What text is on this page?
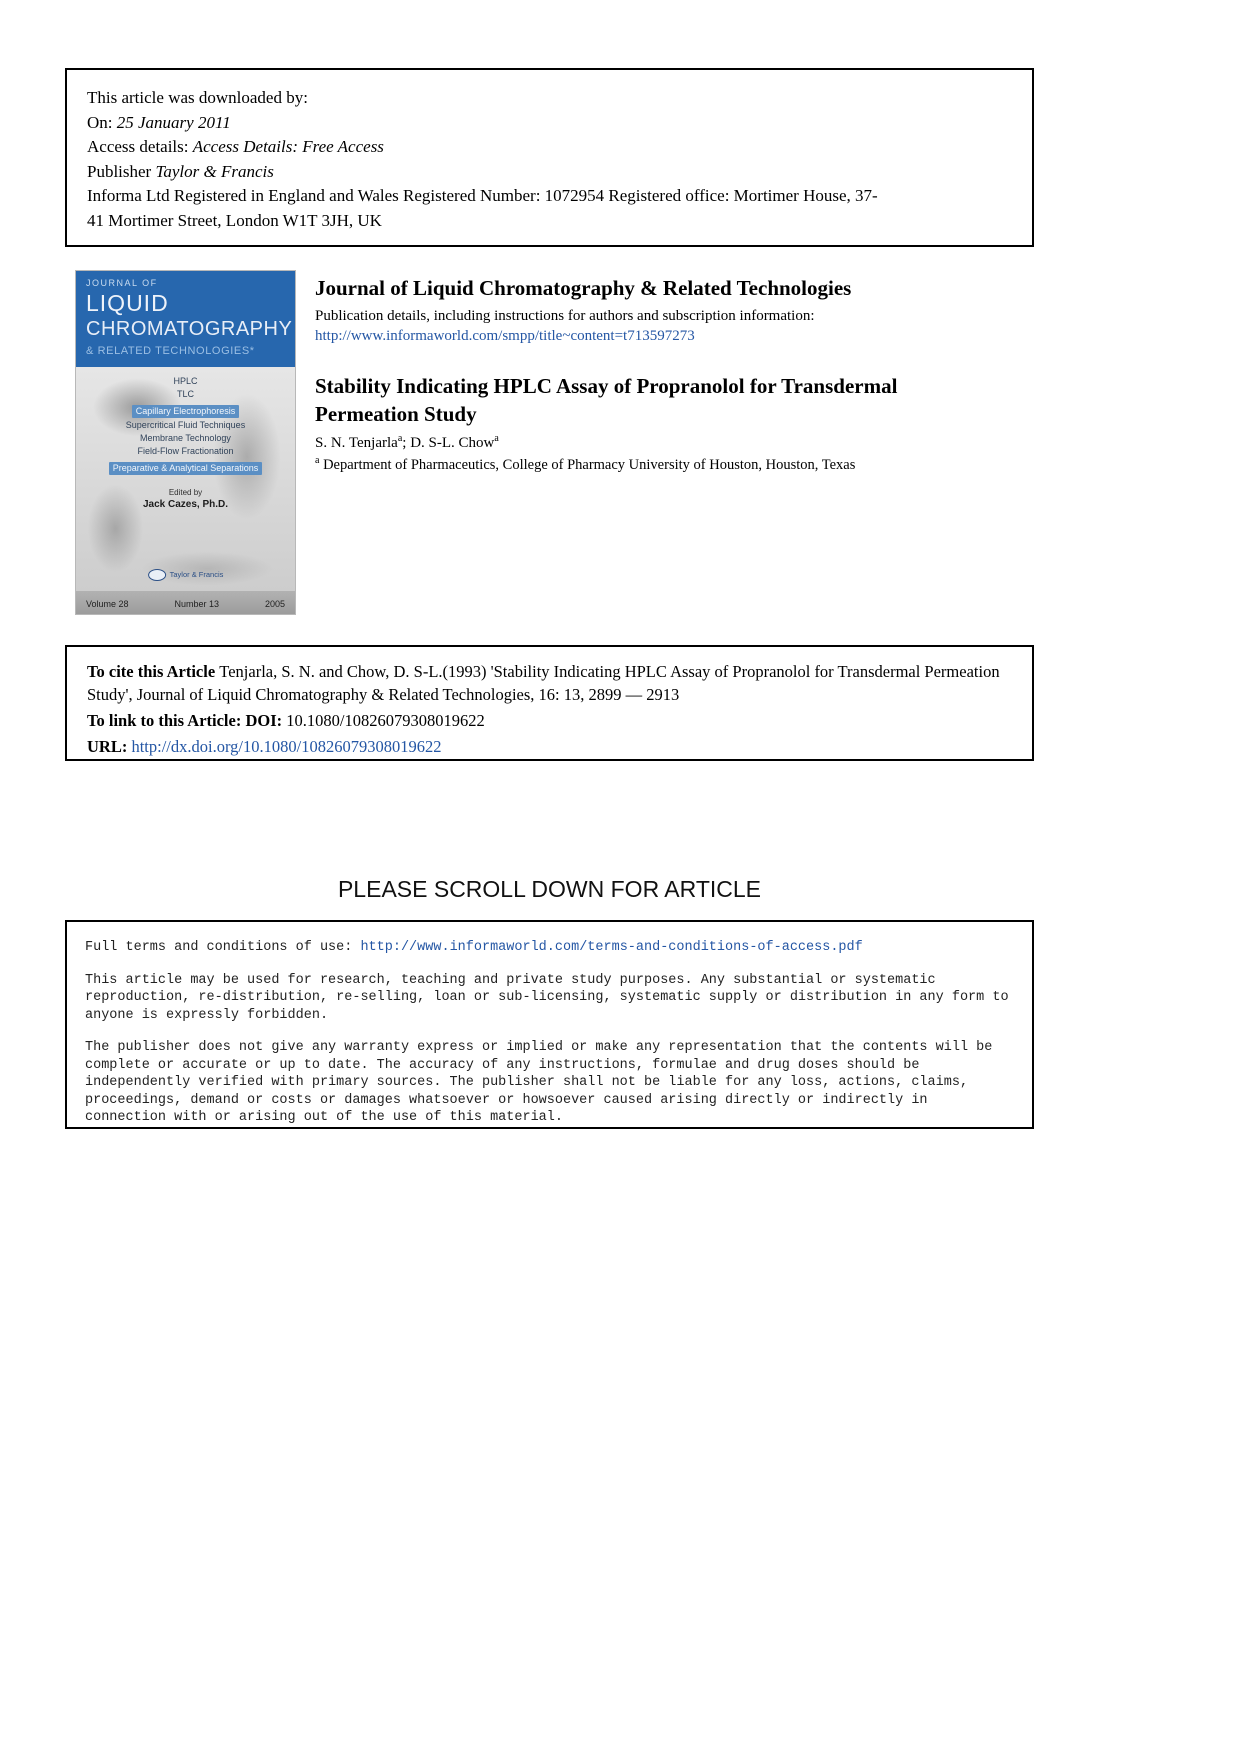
This article was downloaded by:

On: 25 January 2011

Access details: Access Details: Free Access

Publisher Taylor & Francis

Informa Ltd Registered in England and Wales Registered Number: 1072954 Registered office: Mortimer House, 37-

41 Mortimer Street, London W1T 3JH, UK

JOURNAL OF
LIQUID
CHROMATOGRAPHY
& RELATED TECHNOLOGIES*
HPLC
TLC
Capillary Electrophoresis
Supercritical Fluid Techniques
Membrane Technology
Field-Flow Fractionation
Preparative & Analytical Separations
Edited by
Jack Cazes, Ph.D.
Taylor & Francis
Volume 28	Number 13	2005
Journal of Liquid Chromatography & Related Technologies

Publication details, including instructions for authors and subscription information:

http://www.informaworld.com/smpp/title~content=t713597273
Stability Indicating HPLC Assay of Propranolol for Transdermal
Permeation Study

S. N. Tenjarla$^a$; D. S-L. Chow$^a$

$^a$ Department of Pharmaceutics, College of Pharmacy University of Houston, Houston, Texas

To cite this Article Tenjarla, S. N. and Chow, D. S-L.(1993) 'Stability Indicating HPLC Assay of Propranolol for Transdermal Permeation Study', Journal of Liquid Chromatography & Related Technologies, 16: 13, 2899 — 2913

To link to this Article: DOI: 10.1080/10826079308019622

URL: http://dx.doi.org/10.1080/10826079308019622

PLEASE SCROLL DOWN FOR ARTICLE

Full terms and conditions of use: http://www.informaworld.com/terms-and-conditions-of-access.pdf

This article may be used for research, teaching and private study purposes. Any substantial or systematic reproduction, re-distribution, re-selling, loan or sub-licensing, systematic supply or distribution in any form to anyone is expressly forbidden.

The publisher does not give any warranty express or implied or make any representation that the contents will be complete or accurate or up to date. The accuracy of any instructions, formulae and drug doses should be independently verified with primary sources. The publisher shall not be liable for any loss, actions, claims, proceedings, demand or costs or damages whatsoever or howsoever caused arising directly or indirectly in connection with or arising out of the use of this material.
